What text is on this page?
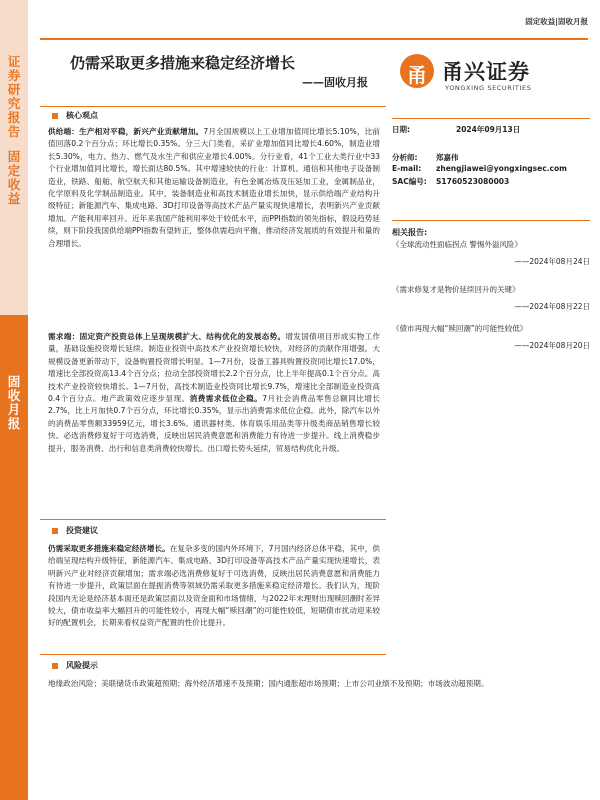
证券研究报告
固定收益
固收月报
固定收益|固收月报
仍需采取更多措施来稳定经济增长
——固收月报	甬 甬兴证券
YONGXING SECURITIES
日期:	2024年09月13日
分析师: 郑嘉伟
E-mail: zhengjiawei@yongxingsec.com
SAC编号: S1760523080003
相关报告:
《全球流动性面临拐点 警惕外溢风险》
——2024年08月24日
《需求修复才是物价延续回升的关键》
——2024年08月22日
《债市再现大幅“赎回潮”的可能性较低》
——2024年08月20日
核心观点
供给端：生产相对平稳，新兴产业贡献增加。7月全国规模以上工业增加值同比增长5.10%，比前值回落0.2个百分点；环比增长0.35%。分三大门类看，采矿业增加值同比增长4.60%，制造业增长5.30%，电力、热力、燃气及水生产和供应业增长4.00%。分行业看，41个工业大类行业中33个行业增加值同比增长，增长面达80.5%。其中增速较快的行业：计算机、通信和其他电子设备制造业，铁路、船舶、航空航天和其他运输设备制造业，有色金属冶炼及压延加工业，金属制品业，化学原料及化学制品制造业。其中，装备制造业和高技术制造业增长加快，显示供给端产业结构升级特征；新能源汽车、集成电路、3D打印设备等高技术产品产量实现快速增长，表明新兴产业贡献增加。产能利用率回升。近年来我国产能利用率处于较低水平，而PPI指数的领先指标，假设趋势延续，则下阶段我国供给端PPI指数有望转正，整体供需趋向平衡，推动经济发展质的有效提升和量的合理增长。
需求端：固定资产投资总体上呈现规模扩大、结构优化的发展态势。增发国债项目形成实物工作量，基础设施投资增长延续。制造业投资中高技术产业投资增长较快，对经济的贡献作用增强。大规模设备更新带动下，设备购置投资增长明显。1—7月份，设备工器具购置投资同比增长17.0%，增速比全部投资高13.4个百分点；拉动全部投资增长2.2个百分点，比上半年提高0.1个百分点。高技术产业投资较快增长。1—7月份，高技术制造业投资同比增长9.7%，增速比全部制造业投资高0.4个百分点。地产政策效应逐步显现。消费需求低位企稳。7月社会消费品零售总额同比增长2.7%，比上月加快0.7个百分点，环比增长0.35%，显示出消费需求低位企稳。此外，除汽车以外的消费品零售额33959亿元，增长3.6%。通讯器材类、体育娱乐用品类等升级类商品销售增长较快。必选消费修复好于可选消费，反映出居民消费意愿和消费能力有待进一步提升。线上消费稳步提升，服务消费、出行和信息类消费较快增长。出口增长势头延续，贸易结构优化升级。
投资建议
仍需采取更多措施来稳定经济增长。在复杂多变的国内外环境下，7月国内经济总体平稳，其中，供给端呈现结构升级特征，新能源汽车、集成电路、3D打印设备等高技术产品产量实现快速增长，表明新兴产业对经济贡献增加；需求端必选消费修复好于可选消费，反映出居民消费意愿和消费能力有待进一步提升，政策层面在提振消费等领域仍需采取更多措施来稳定经济增长。我们认为，现阶段国内无论是经济基本面还是政策层面以及资金面和市场情绪，与2022年末理财出现赎回潮时差异较大，债市收益率大幅回升的可能性较小，再现大幅“赎回潮”的可能性较低，短期债市扰动迎来较好的配置机会，长期来看权益资产配置的性价比提升。
风险提示
地缘政治风险；美联储货币政策超预期；海外经济增速不及预期；国内通胀超市场预期；上市公司业绩不及预期；市场波动超预期。
